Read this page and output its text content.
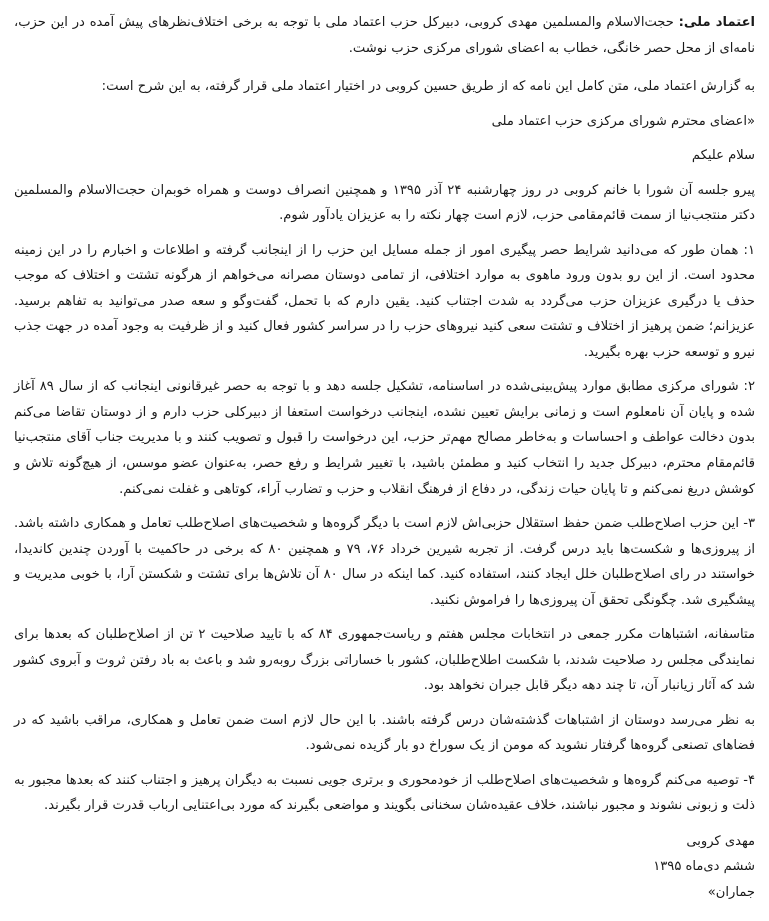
اعتماد ملی: حجت‌الاسلام والمسلمین مهدی کروبی، دبیرکل حزب اعتماد ملی با توجه به برخی اختلاف‌نظرهای پیش آمده در این حزب، نامه‌ای از محل حصر خانگی، خطاب به اعضای شورای مرکزی حزب نوشت.

به گزارش اعتماد ملی، متن کامل این نامه که از طریق حسین کروبی در اختیار اعتماد ملی قرار گرفته، به این شرح است:

«اعضای محترم شورای مرکزی حزب اعتماد ملی

سلام علیکم

پیرو جلسه آن شورا با خانم کروبی در روز چهارشنبه ۲۴ آذر ۱۳۹۵ و همچنین انصراف دوست و همراه خوبم‌ان حجت‌الاسلام والمسلمین دکتر منتجب‌نیا از سمت قائم‌مقامی حزب، لازم است چهار نکته را به عزیزان یادآور شوم.

۱: همان طور که می‌دانید شرایط حصر پیگیری امور از جمله مسایل این حزب را از اینجانب گرفته و اطلاعات و اخبارم را در این زمینه محدود است. از این رو بدون ورود ماهوی به موارد اختلافی، از تمامی دوستان مصرانه می‌خواهم از هرگونه تشتت و اختلاف که موجب حذف یا درگیری عزیزان حزب می‌گردد به شدت اجتناب کنید. یقین دارم که با تحمل، گفت‌وگو و سعه صدر می‌توانید به تفاهم برسید. عزیزانم؛ ضمن پرهیز از اختلاف و تشتت سعی کنید نیروهای حزب را در سراسر کشور فعال کنید و از ظرفیت به وجود آمده در جهت جذب نیرو و توسعه حزب بهره بگیرید.

۲: شورای مرکزی مطابق موارد پیش‌بینی‌شده در اساسنامه، تشکیل جلسه دهد و با توجه به حصر غیرقانونی اینجانب که از سال ۸۹ آغاز شده و پایان آن نامعلوم است و زمانی برایش تعیین نشده، اینجانب درخواست استعفا از دبیرکلی حزب دارم و از دوستان تقاضا می‌کنم بدون دخالت عواطف و احساسات و به‌خاطر مصالح مهم‌تر حزب، این درخواست را قبول و تصویب کنند و با مدیریت جناب آقای منتجب‌نیا قائم‌مقام محترم، دبیرکل جدید را انتخاب کنید و مطمئن باشید، با تغییر شرایط و رفع حصر، به‌عنوان عضو موسس، از هیچ‌گونه تلاش و کوشش دریغ نمی‌کنم و تا پایان حیات زندگی، در دفاع از فرهنگ انقلاب و حزب و تضارب آراء، کوتاهی و غفلت نمی‌کنم.

۳- این حزب اصلاح‌طلب ضمن حفظ استقلال حزبی‌اش لازم است با دیگر گروه‌ها و شخصیت‌های اصلاح‌طلب تعامل و همکاری داشته باشد. از پیروزی‌ها و شکست‌ها باید درس گرفت. از تجربه شیرین خرداد ۷۶، ۷۹ و همچنین ۸۰ که برخی در حاکمیت با آوردن چندین کاندیدا، خواستند در رای اصلاح‌طلبان خلل ایجاد کنند، استفاده کنید. کما اینکه در سال ۸۰ آن تلاش‌ها برای تشتت و شکستن آرا، با خوبی مدیریت و پیشگیری شد. چگونگی تحقق آن پیروزی‌ها را فراموش نکنید.

متاسفانه، اشتباهات مکرر جمعی در انتخابات مجلس هفتم و ریاست‌جمهوری ۸۴ که با تایید صلاحیت ۲ تن از اصلاح‌طلبان که بعدها برای نمایندگی مجلس رد صلاحیت شدند، با شکست اطلاح‌طلبان، کشور با خساراتی بزرگ روبه‌رو شد و باعث به باد رفتن ثروت و آبروی کشور شد که آثار زیانبار آن، تا چند دهه دیگر قابل جبران نخواهد بود.

به نظر می‌رسد دوستان از اشتباهات گذشته‌شان درس گرفته باشند. با این حال لازم است ضمن تعامل و همکاری، مراقب باشید که در فضاهای تصنعی گروه‌ها گرفتار نشوید که مومن از یک سوراخ دو بار گزیده نمی‌شود.

۴- توصیه می‌کنم گروه‌ها و شخصیت‌های اصلاح‌طلب از خودمحوری و برتری جویی نسبت به دیگران پرهیز و اجتناب کنند که بعدها مجبور به ذلت و زبونی نشوند و مجبور نباشند، خلاف عقیده‌شان سخنانی بگویند و مواضعی بگیرند که مورد بی‌اعتنایی ارباب قدرت قرار بگیرند.

مهدی کروبی

ششم دی‌ماه ۱۳۹۵

جماران»
